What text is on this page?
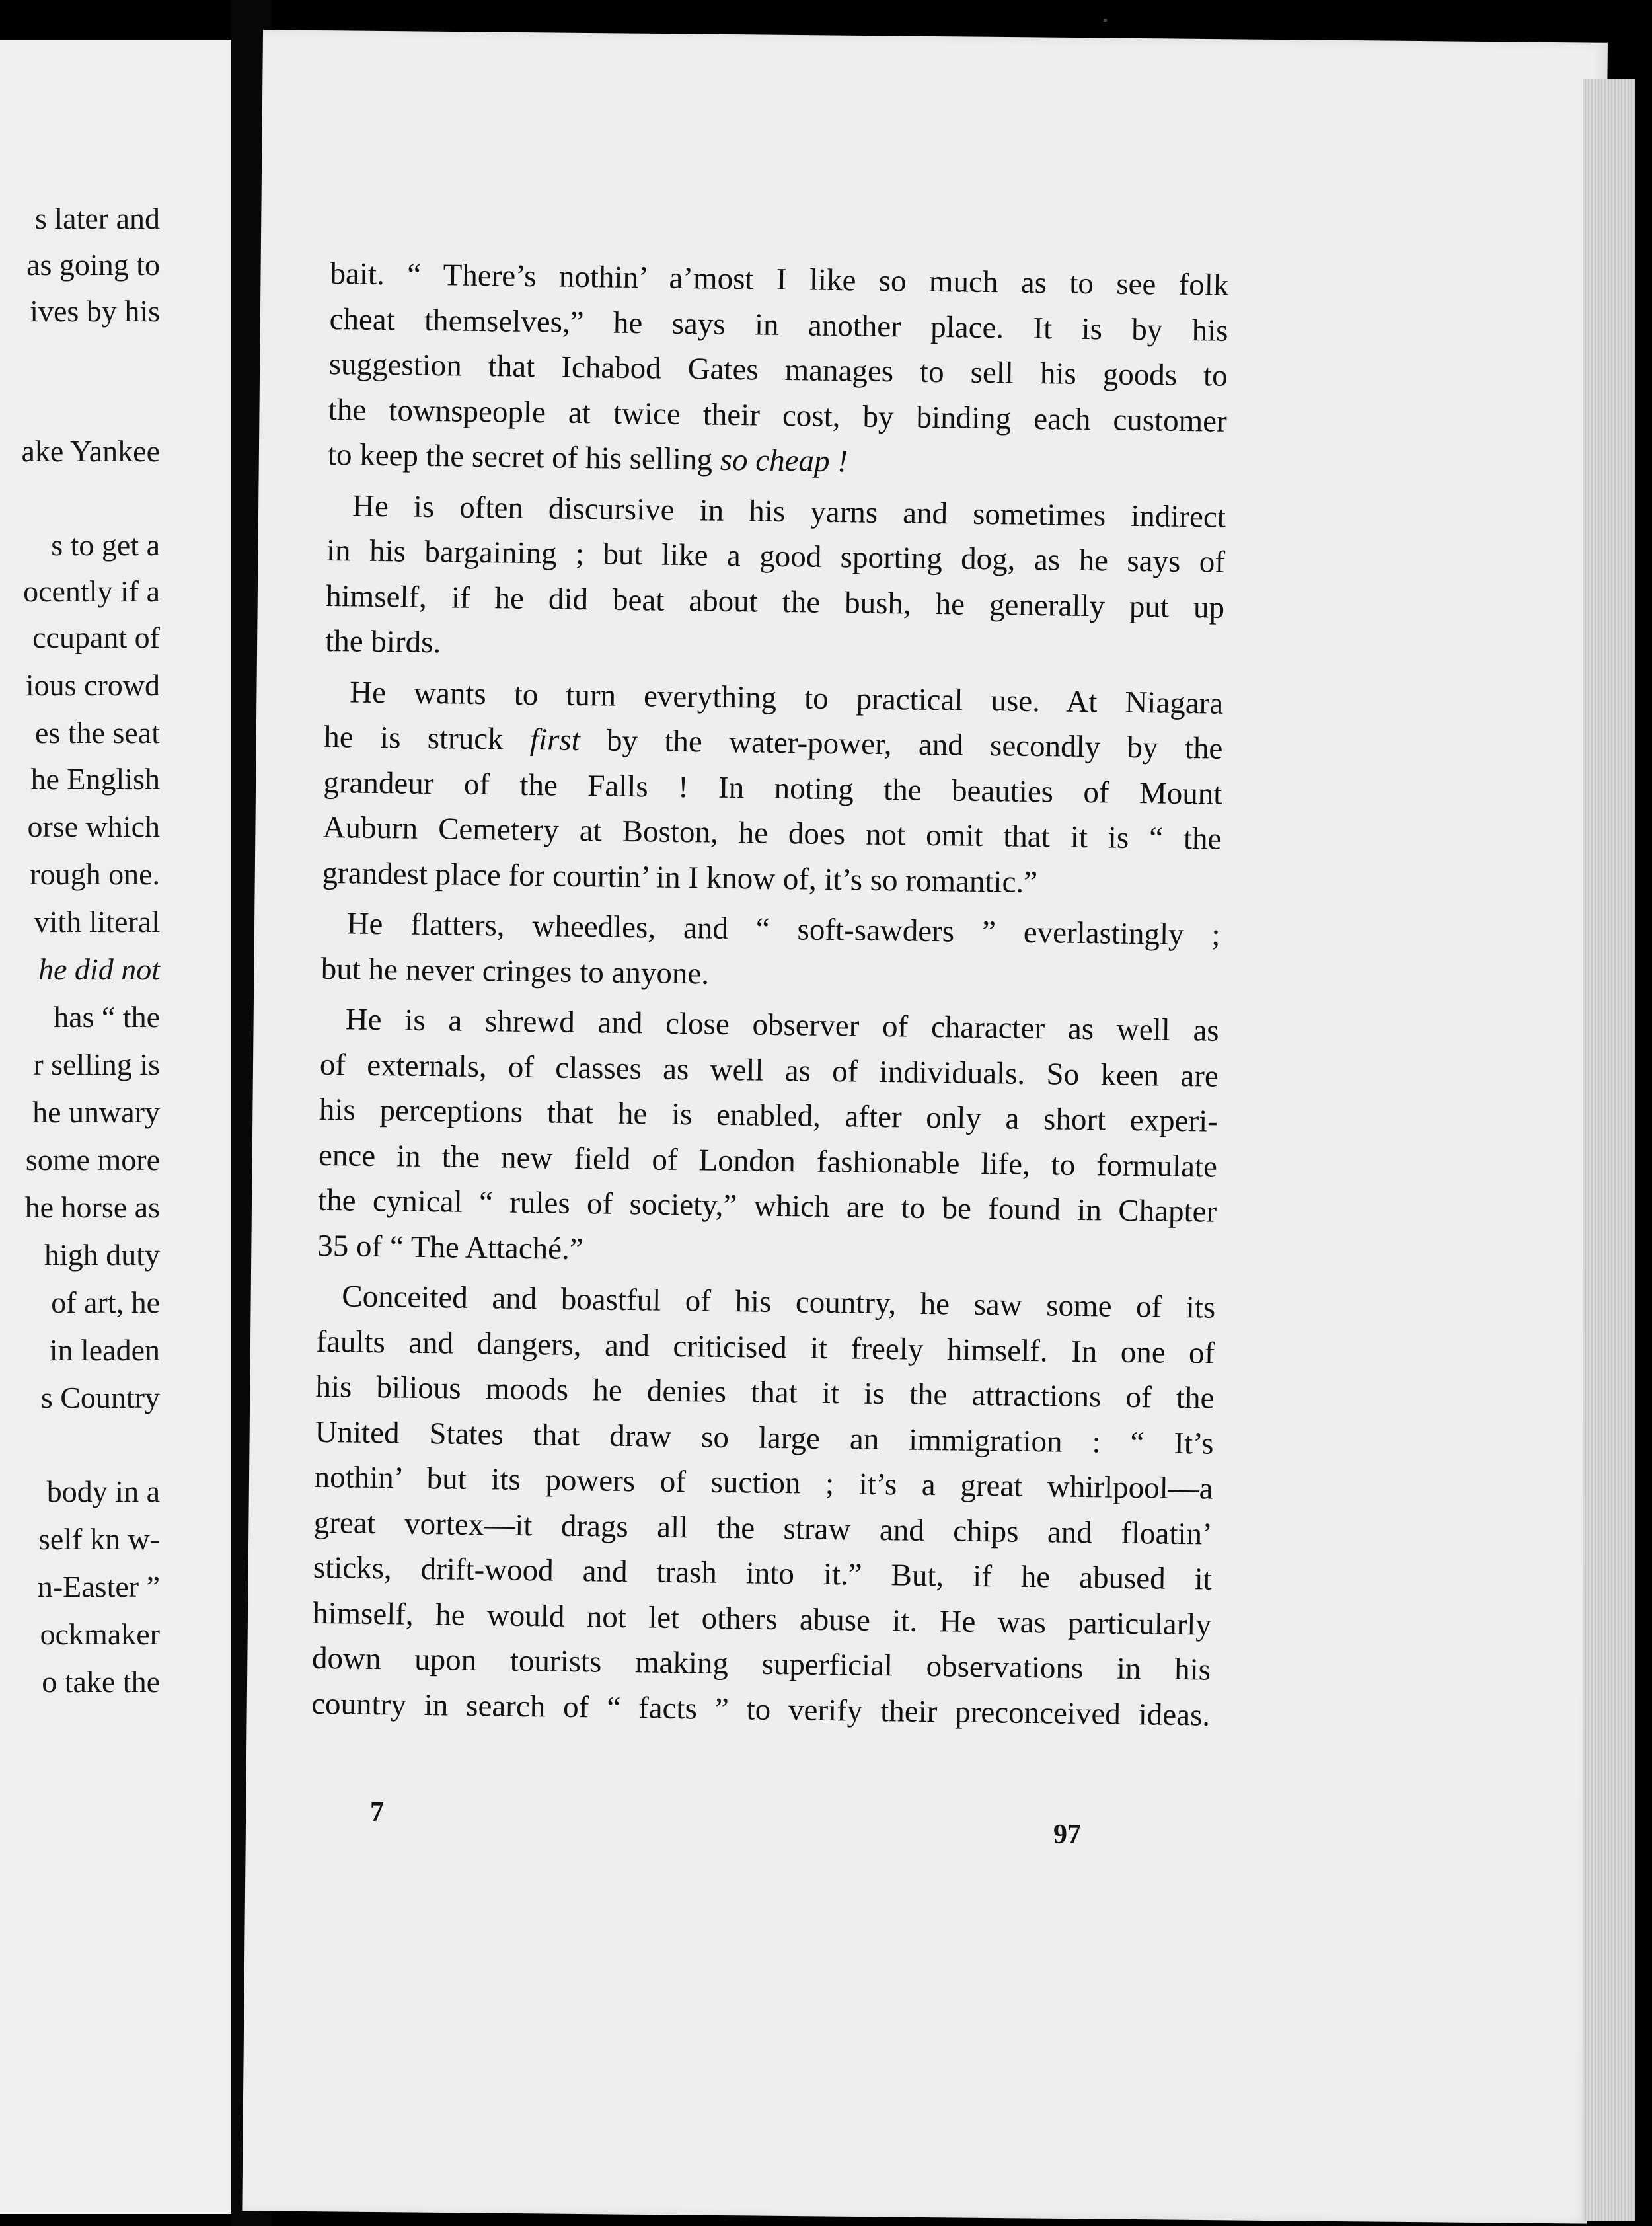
s later and
as going to
ives by his
ake Yankee
s to get a
ocently if a
ccupant of
ious crowd
es the seat
he English
orse which
rough one.
vith literal
he did not
has “ the
r selling is
he unwary
some more
he horse as
high duty
of art, he
in leaden
s Country
body in a
self kn w-
n-Easter ”
ockmaker
o take the

bait. “ There’s nothin’ a’most I like so much as to see folk
cheat themselves,” he says in another place. It is by his
suggestion that Ichabod Gates manages to sell his goods to
the townspeople at twice their cost, by binding each customer
to keep the secret of his selling so cheap !

He is often discursive in his yarns and sometimes indirect
in his bargaining ; but like a good sporting dog, as he says of
himself, if he did beat about the bush, he generally put up
the birds.

He wants to turn everything to practical use. At Niagara
he is struck first by the water-power, and secondly by the
grandeur of the Falls ! In noting the beauties of Mount
Auburn Cemetery at Boston, he does not omit that it is “ the
grandest place for courtin’ in I know of, it’s so romantic.”

He flatters, wheedles, and “ soft-sawders ” everlastingly ;
but he never cringes to anyone.

He is a shrewd and close observer of character as well as
of externals, of classes as well as of individuals. So keen are
his perceptions that he is enabled, after only a short experi-
ence in the new field of London fashionable life, to formulate
the cynical “ rules of society,” which are to be found in Chapter
35 of “ The Attaché.”

Conceited and boastful of his country, he saw some of its
faults and dangers, and criticised it freely himself. In one of
his bilious moods he denies that it is the attractions of the
United States that draw so large an immigration : “ It’s
nothin’ but its powers of suction ; it’s a great whirlpool—a
great vortex—it drags all the straw and chips and floatin’
sticks, drift-wood and trash into it.” But, if he abused it
himself, he would not let others abuse it. He was particularly
down upon tourists making superficial observations in his
country in search of “ facts ” to verify their preconceived ideas.

7
97
